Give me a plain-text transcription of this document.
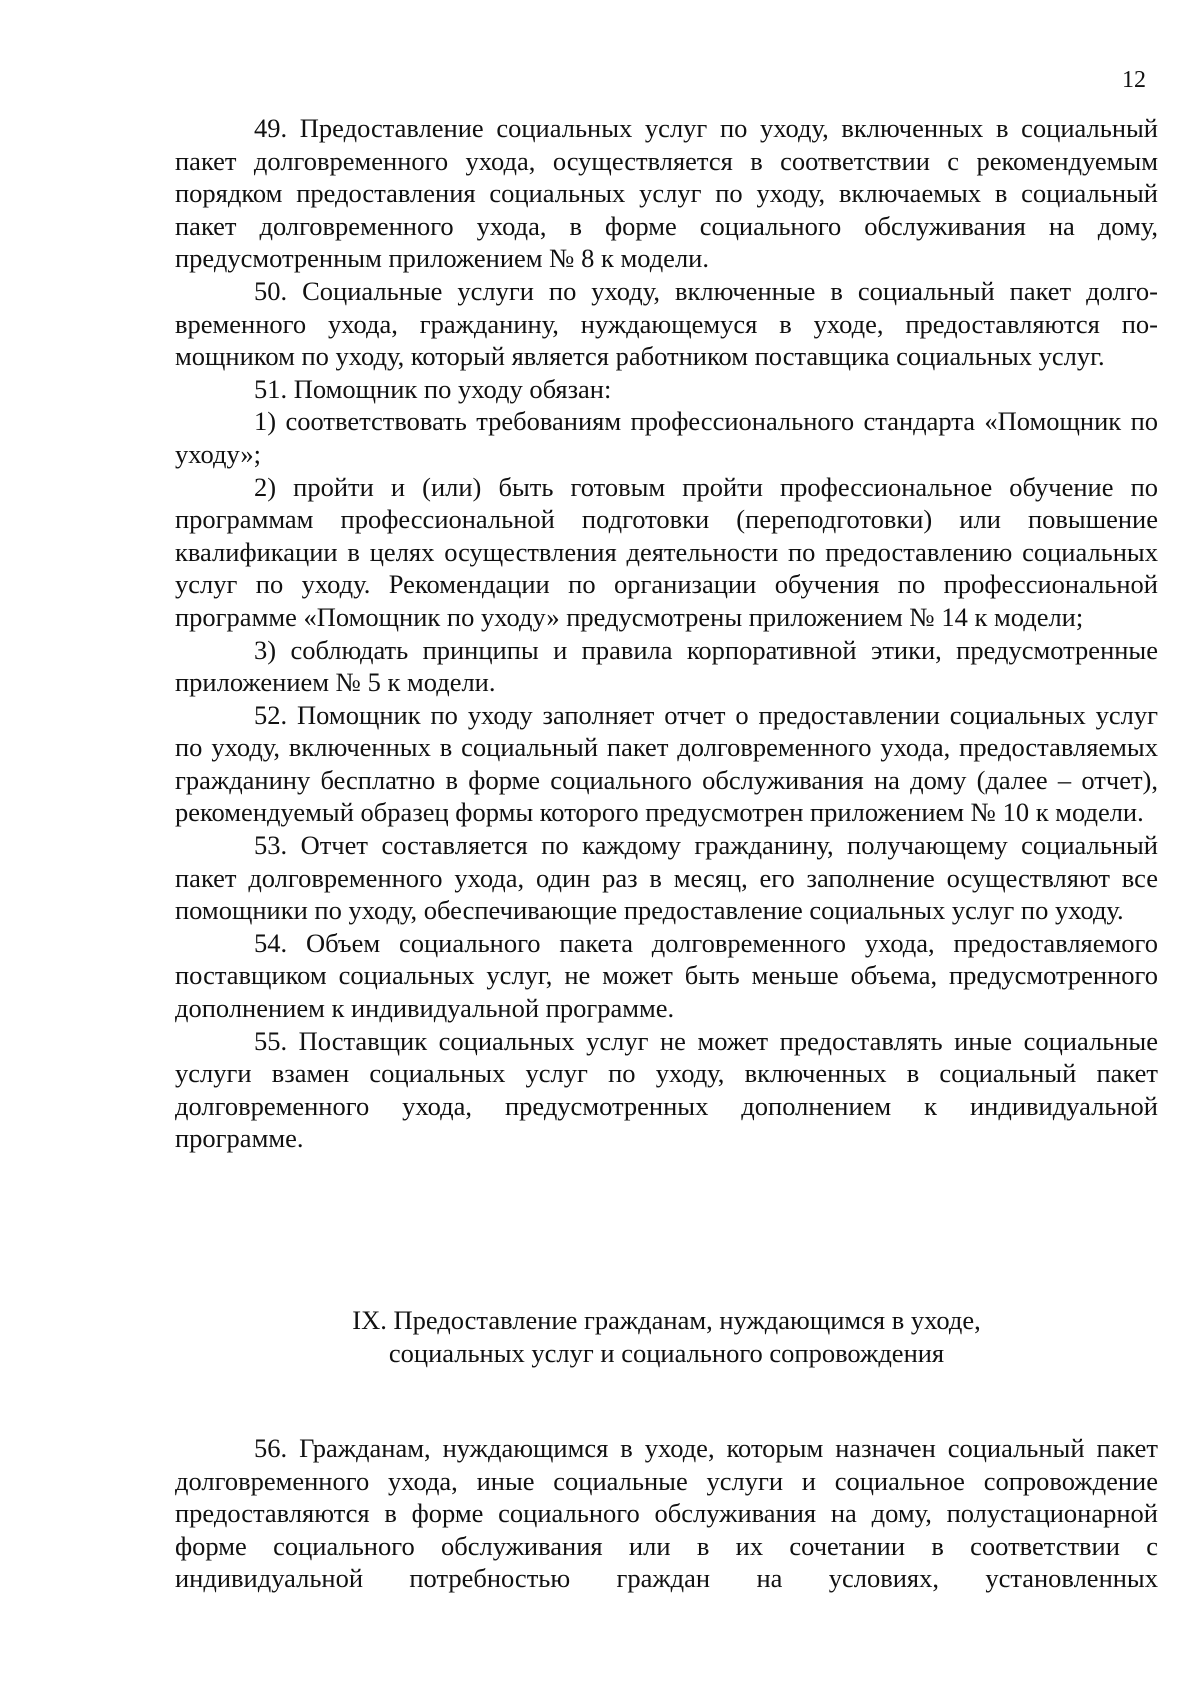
12

49. Предоставление социальных услуг по уходу, включенных в социальный пакет долговременного ухода, осуществляется в соответствии с рекомендуемым порядком предоставления социальных услуг по уходу, включаемых в социальный пакет долговременного ухода, в форме социального обслуживания на дому, предусмотренным приложением № 8 к модели.

50. Социальные услуги по уходу, включенные в социальный пакет долговременного ухода, гражданину, нуждающемуся в уходе, предоставляются помощником по уходу, который является работником поставщика социальных услуг.

51. Помощник по уходу обязан:

1) соответствовать требованиям профессионального стандарта «Помощник по уходу»;

2) пройти и (или) быть готовым пройти профессиональное обучение по программам профессиональной подготовки (переподготовки) или повышение квалификации в целях осуществления деятельности по предоставлению социальных услуг по уходу. Рекомендации по организации обучения по профессиональной программе «Помощник по уходу» предусмотрены приложением № 14 к модели;

3) соблюдать принципы и правила корпоративной этики, предусмотренные приложением № 5 к модели.

52. Помощник по уходу заполняет отчет о предоставлении социальных услуг по уходу, включенных в социальный пакет долговременного ухода, предоставляемых гражданину бесплатно в форме социального обслуживания на дому (далее – отчет), рекомендуемый образец формы которого предусмотрен приложением № 10 к модели.

53. Отчет составляется по каждому гражданину, получающему социальный пакет долговременного ухода, один раз в месяц, его заполнение осуществляют все помощники по уходу, обеспечивающие предоставление социальных услуг по уходу.

54. Объем социального пакета долговременного ухода, предоставляемого поставщиком социальных услуг, не может быть меньше объема, предусмотренного дополнением к индивидуальной программе.

55. Поставщик социальных услуг не может предоставлять иные социальные услуги взамен социальных услуг по уходу, включенных в социальный пакет долговременного ухода, предусмотренных дополнением к индивидуальной программе.

IX. Предоставление гражданам, нуждающимся в уходе,
социальных услуг и социального сопровождения

56. Гражданам, нуждающимся в уходе, которым назначен социальный пакет долговременного ухода, иные социальные услуги и социальное сопровождение предоставляются в форме социального обслуживания на дому, полустационарной форме социального обслуживания или в их сочетании в соответствии с индивидуальной потребностью граждан на условиях, установленных
